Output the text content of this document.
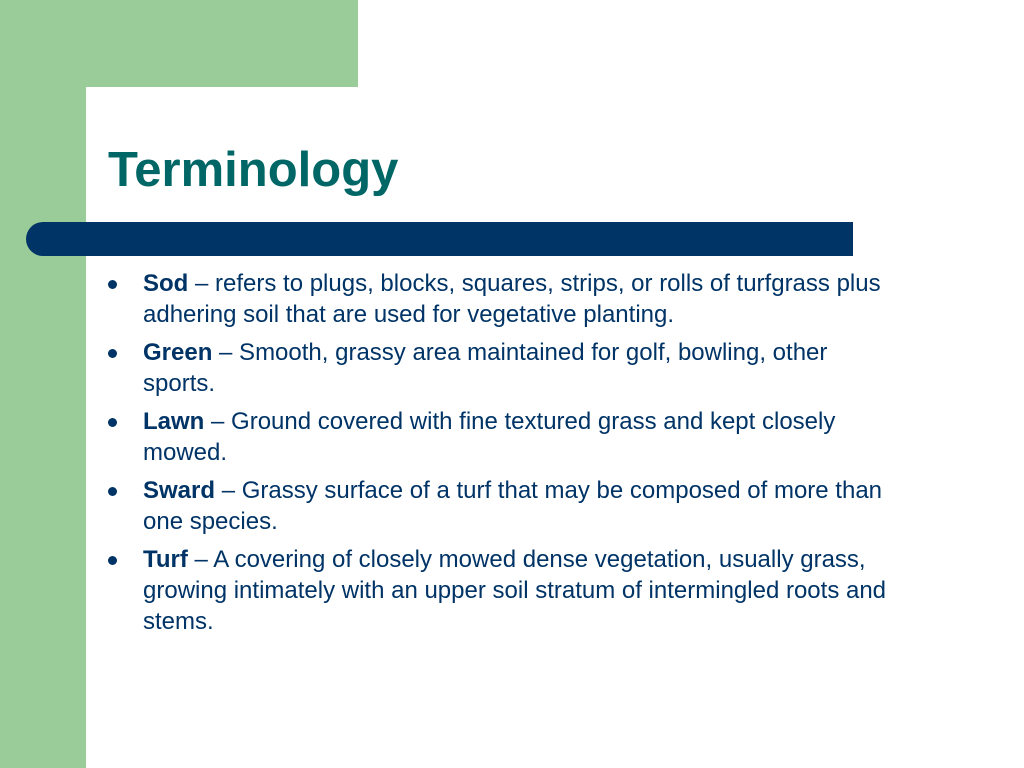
Terminology
Sod – refers to plugs, blocks, squares, strips, or rolls of turfgrass plus adhering soil that are used for vegetative planting.
Green – Smooth, grassy area maintained for golf, bowling, other sports.
Lawn – Ground covered with fine textured grass and kept closely mowed.
Sward – Grassy surface of a turf that may be composed of more than one species.
Turf – A covering of closely mowed dense vegetation, usually grass, growing intimately with an upper soil stratum of intermingled roots and stems.
